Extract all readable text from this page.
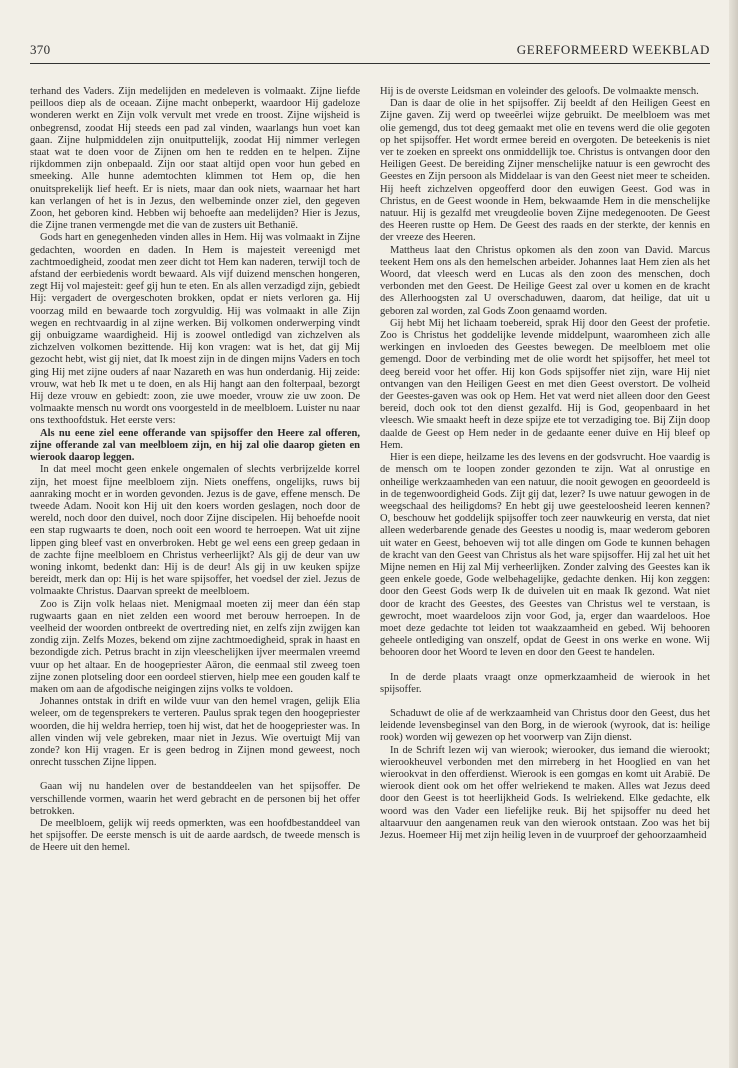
370	GEREFORMEERD WEEKBLAD

terhand des Vaders. Zijn medelijden en medeleven is volmaakt. Zijne liefde peilloos diep als de oceaan. Zijne macht onbeperkt, waardoor Hij gadeloze wonderen werkt en Zijn volk vervult met vrede en troost. Zijne wijsheid is onbegrensd, zoodat Hij steeds een pad zal vinden, waarlangs hun voet kan gaan. Zijne hulpmiddelen zijn onuitputtelijk, zoodat Hij nimmer verlegen staat wat te doen voor de Zijnen om hen te redden en te helpen. Zijne rijkdommen zijn onbepaald. Zijn oor staat altijd open voor hun gebed en smeeking. Alle hunne ademtochten klimmen tot Hem op, die hen onuitsprekelijk lief heeft. Er is niets, maar dan ook niets, waarnaar het hart kan verlangen of het is in Jezus, den welbeminde onzer ziel, den gegeven Zoon, het geboren kind. Hebben wij behoefte aan medelijden? Hier is Jezus, die Zijne tranen vermengde met die van de zusters uit Bethanië.

Gods hart en genegenheden vinden alles in Hem. Hij was volmaakt in Zijne gedachten, woorden en daden. In Hem is majesteit vereenigd met zachtmoedigheid, zoodat men zeer dicht tot Hem kan naderen, terwijl toch de afstand der eerbiedenis wordt bewaard. Als vijf duizend menschen hongeren, zegt Hij vol majesteit: geef gij hun te eten. En als allen verzadigd zijn, gebiedt Hij: vergadert de overgeschoten brokken, opdat er niets verloren ga. Hij voorzag mild en bewaarde toch zorgvuldig. Hij was volmaakt in alle Zijn wegen en rechtvaardig in al zijne werken. Bij volkomen onderwerping vindt gij onbuigzame waardigheid. Hij is zoowel ontledigd van zichzelven als zichzelven volkomen bezittende. Hij kon vragen: wat is het, dat gij Mij gezocht hebt, wist gij niet, dat Ik moest zijn in de dingen mijns Vaders en toch ging Hij met zijne ouders af naar Nazareth en was hun onderdanig. Hij zeide: vrouw, wat heb Ik met u te doen, en als Hij hangt aan den folterpaal, bezorgt Hij deze vrouw en gebiedt: zoon, zie uwe moeder, vrouw zie uw zoon. De volmaakte mensch nu wordt ons voorgesteld in de meelbloem. Luister nu naar ons texthoofdstuk. Het eerste vers:

Als nu eene ziel eene offerande van spijsoffer den Heere zal offeren, zijne offerande zal van meelbloem zijn, en hij zal olie daarop gieten en wierook daarop leggen.

In dat meel mocht geen enkele ongemalen of slechts verbrijzelde korrel zijn, het moest fijne meelbloem zijn. Niets oneffens, ongelijks, ruws bij aanraking mocht er in worden gevonden. Jezus is de gave, effene mensch. De tweede Adam. Nooit kon Hij uit den koers worden geslagen, noch door de wereld, noch door den duivel, noch door Zijne discipelen. Hij behoefde nooit een stap rugwaarts te doen, noch ooit een woord te herroepen. Wat uit zijne lippen ging bleef vast en onverbroken. Hebt ge wel eens een greep gedaan in de zachte fijne meelbloem en Christus verheerlijkt? Als gij de deur van uw woning inkomt, bedenkt dan: Hij is de deur! Als gij in uw keuken spijze bereidt, merk dan op: Hij is het ware spijsoffer, het voedsel der ziel. Jezus de volmaakte Christus. Daarvan spreekt de meelbloem.

Zoo is Zijn volk helaas niet. Menigmaal moeten zij meer dan één stap rugwaarts gaan en niet zelden een woord met berouw herroepen. In de veelheid der woorden ontbreekt de overtreding niet, en zelfs zijn zwijgen kan zondig zijn. Zelfs Mozes, bekend om zijne zachtmoedigheid, sprak in haast en bezondigde zich. Petrus bracht in zijn vleeschelijken ijver meermalen vreemd vuur op het altaar. En de hoogepriester Aäron, die eenmaal stil zweeg toen zijne zonen plotseling door een oordeel stierven, hielp mee een gouden kalf te maken om aan de afgodische neigingen zijns volks te voldoen.

Johannes ontstak in drift en wilde vuur van den hemel vragen, gelijk Elia weleer, om de tegensprekers te verteren. Paulus sprak tegen den hoogepriester woorden, die hij weldra herriep, toen hij wist, dat het de hoogepriester was. In allen vinden wij vele gebreken, maar niet in Jezus. Wie overtuigt Mij van zonde? kon Hij vragen. Er is geen bedrog in Zijnen mond geweest, noch onrecht tusschen Zijne lippen.

Gaan wij nu handelen over de bestanddeelen van het spijsoffer. De verschillende vormen, waarin het werd gebracht en de personen bij het offer betrokken.

De meelbloem, gelijk wij reeds opmerkten, was een hoofdbestanddeel van het spijsoffer. De eerste mensch is uit de aarde aardsch, de tweede mensch is de Heere uit den hemel.

Hij is de overste Leidsman en voleinder des geloofs. De volmaakte mensch.

Dan is daar de olie in het spijsoffer. Zij beeldt af den Heiligen Geest en Zijne gaven. Zij werd op tweeërlei wijze gebruikt. De meelbloem was met olie gemengd, dus tot deeg gemaakt met olie en tevens werd die olie gegoten op het spijsoffer. Het wordt ermee bereid en overgoten. De beteekenis is niet ver te zoeken en spreekt ons onmiddellijk toe. Christus is ontvangen door den Heiligen Geest. De bereiding Zijner menschelijke natuur is een gewrocht des Geestes en Zijn persoon als Middelaar is van den Geest niet meer te scheiden. Hij heeft zichzelven opgeofferd door den euwigen Geest. God was in Christus, en de Geest woonde in Hem, bekwaamde Hem in die menschelijke natuur. Hij is gezalfd met vreugdeolie boven Zijne medegenooten. De Geest des Heeren rustte op Hem. De Geest des raads en der sterkte, der kennis en der vreeze des Heeren.

Mattheus laat den Christus opkomen als den zoon van David. Marcus teekent Hem ons als den hemelschen arbeider. Johannes laat Hem zien als het Woord, dat vleesch werd en Lucas als den zoon des menschen, doch verbonden met den Geest. De Heilige Geest zal over u komen en de kracht des Allerhoogsten zal U overschaduwen, daarom, dat heilige, dat uit u geboren zal worden, zal Gods Zoon genaamd worden.

Gij hebt Mij het lichaam toebereid, sprak Hij door den Geest der profetie. Zoo is Christus het goddelijke levende middelpunt, waaromheen zich alle werkingen en invloeden des Geestes bewegen. De meelbloem met olie gemengd. Door de verbinding met de olie wordt het spijsoffer, het meel tot deeg bereid voor het offer. Hij kon Gods spijsoffer niet zijn, ware Hij niet ontvangen van den Heiligen Geest en met dien Geest overstort. De volheid der Geestes-gaven was ook op Hem. Het vat werd niet alleen door den Geest bereid, doch ook tot den dienst gezalfd. Hij is God, geopenbaard in het vleesch. Wie smaakt heeft in deze spijze ete tot verzadiging toe. Bij Zijn doop daalde de Geest op Hem neder in de gedaante eener duive en Hij bleef op Hem.

Hier is een diepe, heilzame les des levens en der godsvrucht. Hoe vaardig is de mensch om te loopen zonder gezonden te zijn. Wat al onrustige en onheilige werkzaamheden van een natuur, die nooit gewogen en geoordeeld is in de tegenwoordigheid Gods. Zijt gij dat, lezer? Is uwe natuur gewogen in de weegschaal des heiligdoms? En hebt gij uwe geesteloosheid leeren kennen? O, beschouw het goddelijk spijsoffer toch zeer nauwkeurig en versta, dat niet alleen wederbarende genade des Geestes u noodig is, maar wederom geboren uit water en Geest, behoeven wij tot alle dingen om Gode te kunnen behagen de kracht van den Geest van Christus als het ware spijsoffer. Hij zal het uit het Mijne nemen en Hij zal Mij verheerlijken. Zonder zalving des Geestes kan ik geen enkele goede, Gode welbehagelijke, gedachte denken. Hij kon zeggen: door den Geest Gods werp Ik de duivelen uit en maak Ik gezond. Wat niet door de kracht des Geestes, des Geestes van Christus wel te verstaan, is gewrocht, moet waardeloos zijn voor God, ja, erger dan waardeloos. Hoe moet deze gedachte tot leiden tot waakzaamheid en gebed. Wij behooren geheele ontlediging van onszelf, opdat de Geest in ons werke en wone. Wij behooren door het Woord te leven en door den Geest te handelen.

In de derde plaats vraagt onze opmerkzaamheid de wierook in het spijsoffer.

Schaduwt de olie af de werkzaamheid van Christus door den Geest, dus het leidende levensbeginsel van den Borg, in de wierook (wyrook, dat is: heilige rook) worden wij gewezen op het voorwerp van Zijn dienst.

In de Schrift lezen wij van wierook; wierooker, dus iemand die wierookt; wierookheuvel verbonden met den mirreberg in het Hooglied en van het wierookvat in den offerdienst. Wierook is een gomgas en komt uit Arabië. De wierook dient ook om het offer welriekend te maken. Alles wat Jezus deed door den Geest is tot heerlijkheid Gods. Is welriekend. Elke gedachte, elk woord was den Vader een liefelijke reuk. Bij het spijsoffer nu deed het altaarvuur den aangenamen reuk van den wierook ontstaan. Zoo was het bij Jezus. Hoemeer Hij met zijn heilig leven in de vuurproef der gehoorzaamheid
